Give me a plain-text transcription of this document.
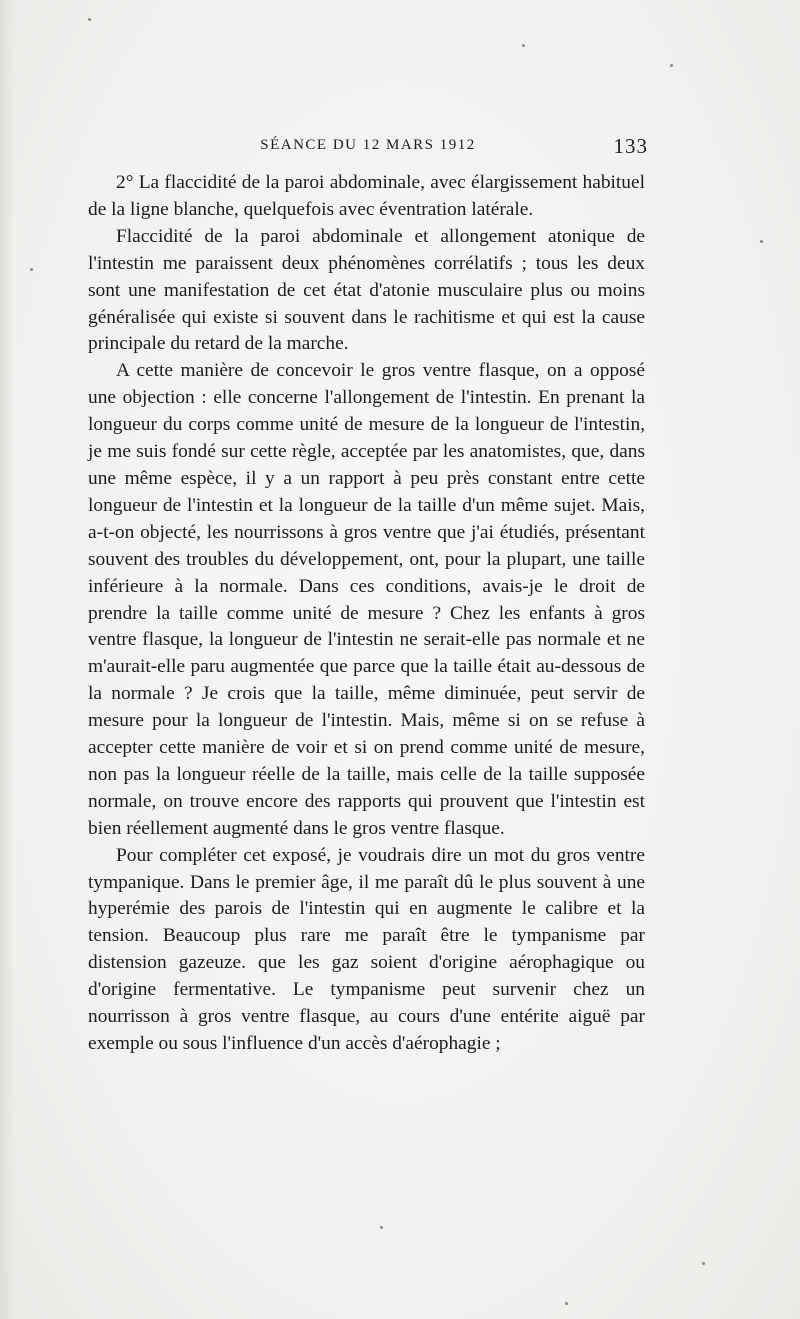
SÉANCE DU 12 MARS 1912	133

2° La flaccidité de la paroi abdominale, avec élargissement habituel de la ligne blanche, quelquefois avec éventration latérale.

Flaccidité de la paroi abdominale et allongement atonique de l'intestin me paraissent deux phénomènes corrélatifs ; tous les deux sont une manifestation de cet état d'atonie musculaire plus ou moins généralisée qui existe si souvent dans le rachitisme et qui est la cause principale du retard de la marche.

A cette manière de concevoir le gros ventre flasque, on a opposé une objection : elle concerne l'allongement de l'intestin. En prenant la longueur du corps comme unité de mesure de la longueur de l'intestin, je me suis fondé sur cette règle, acceptée par les anatomistes, que, dans une même espèce, il y a un rapport à peu près constant entre cette longueur de l'intestin et la longueur de la taille d'un même sujet. Mais, a-t-on objecté, les nourrissons à gros ventre que j'ai étudiés, présentant souvent des troubles du développement, ont, pour la plupart, une taille inférieure à la normale. Dans ces conditions, avais-je le droit de prendre la taille comme unité de mesure ? Chez les enfants à gros ventre flasque, la longueur de l'intestin ne serait-elle pas normale et ne m'aurait-elle paru augmentée que parce que la taille était au-dessous de la normale ? Je crois que la taille, même diminuée, peut servir de mesure pour la longueur de l'intestin. Mais, même si on se refuse à accepter cette manière de voir et si on prend comme unité de mesure, non pas la longueur réelle de la taille, mais celle de la taille supposée normale, on trouve encore des rapports qui prouvent que l'intestin est bien réellement augmenté dans le gros ventre flasque.

Pour compléter cet exposé, je voudrais dire un mot du gros ventre tympanique. Dans le premier âge, il me paraît dû le plus souvent à une hyperémie des parois de l'intestin qui en augmente le calibre et la tension. Beaucoup plus rare me paraît être le tympanisme par distension gazeuze. que les gaz soient d'origine aérophagique ou d'origine fermentative. Le tympanisme peut survenir chez un nourrisson à gros ventre flasque, au cours d'une entérite aiguë par exemple ou sous l'influence d'un accès d'aérophagie ;
